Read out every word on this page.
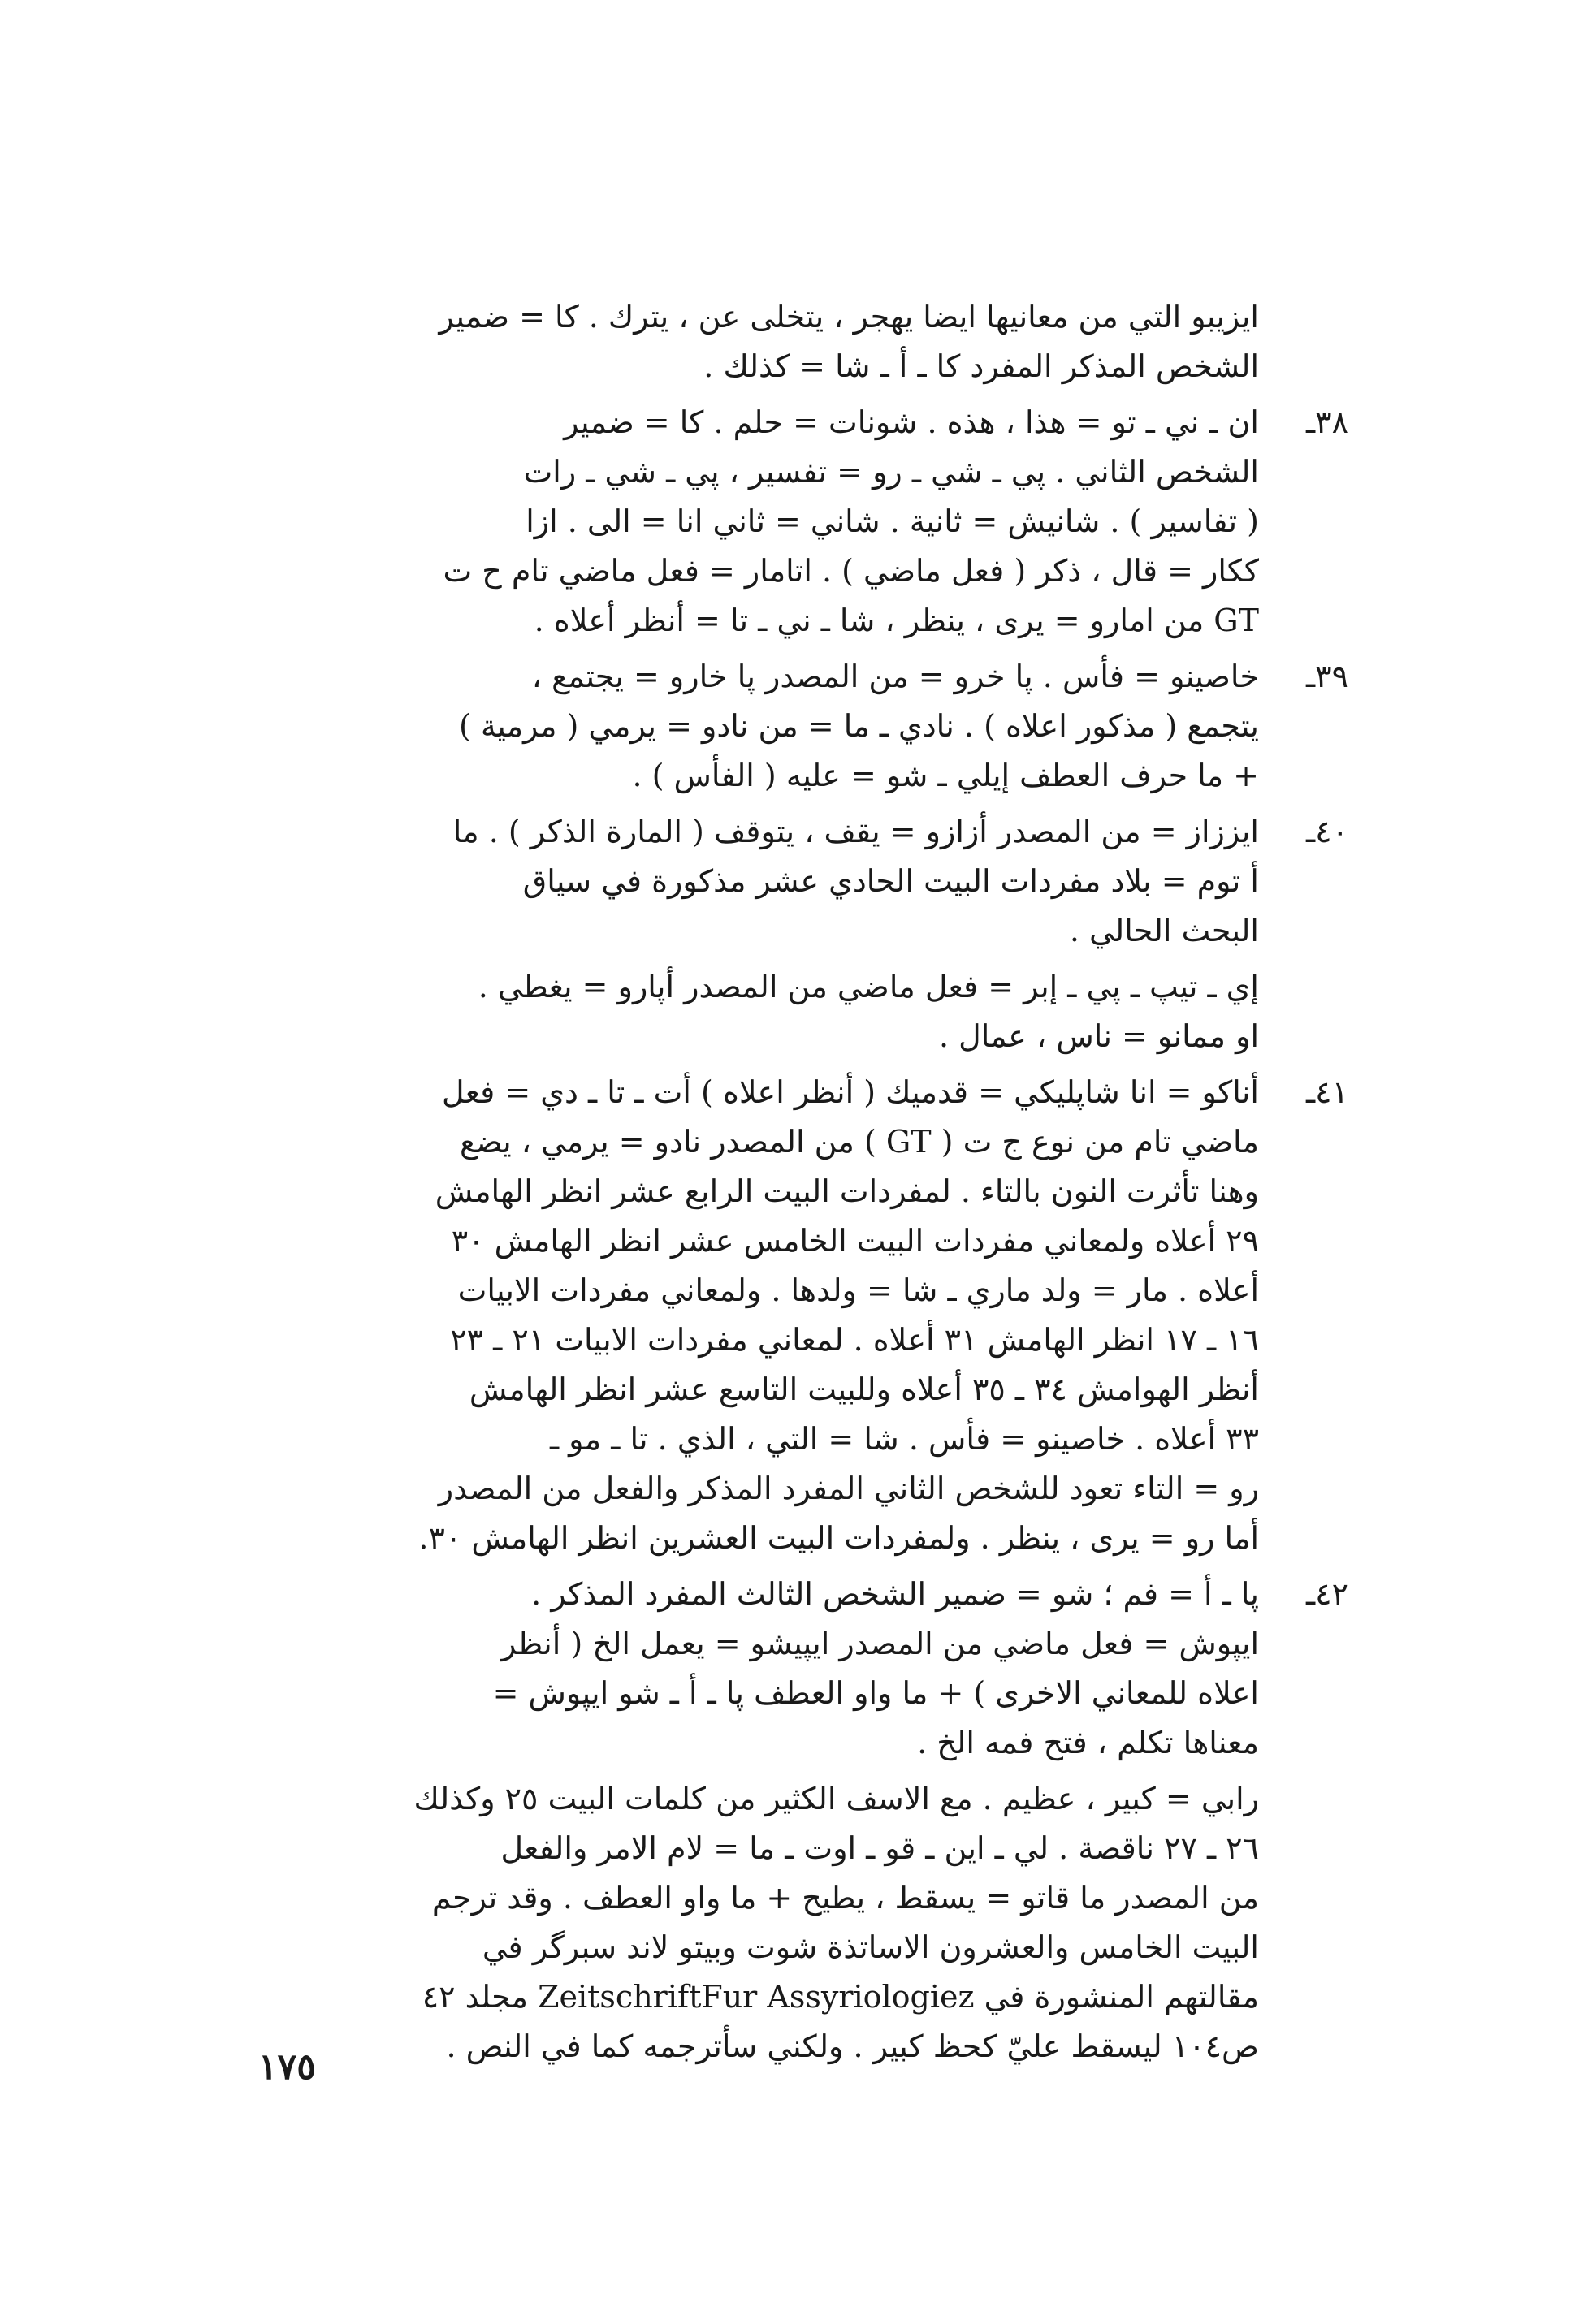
ايزيبو التي من معانيها ايضا يهجر ، يتخلى عن ، يترك . كا = ضمير
الشخص المذكر المفرد كا ـ أ ـ شا = كذلك .
٣٨ـ
ان ـ ني ـ تو = هذا ، هذه . شونات = حلم . كا = ضمير
الشخص الثاني . پي ـ شي ـ رو = تفسير ، پي ـ شي ـ رات
( تفاسير ) . شانيش = ثانية . شاني = ثاني انا = الى . ازا
ككار = قال ، ذكر ( فعل ماضي ) . اتامار = فعل ماضي تام ح ت
GT من امارو = يرى ، ينظر ، شا ـ ني ـ تا = أنظر أعلاه .
٣٩ـ
خاصينو = فأس . پا خرو = من المصدر پا خارو = يجتمع ،
يتجمع ( مذكور اعلاه ) . نادي ـ ما = من نادو = يرمي ( مرمية )
+ ما حرف العطف إيلي ـ شو = عليه ( الفأس ) .
٤٠ـ
ايززاز = من المصدر أزازو = يقف ، يتوقف ( المارة الذكر ) . ما
أ توم = بلاد مفردات البيت الحادي عشر مذكورة في سياق
البحث الحالي .
إي ـ تيپ ـ پي ـ إبر = فعل ماضي من المصدر أپارو = يغطي .
او ممانو = ناس ، عمال .
٤١ـ
أناكو = انا شاپليكي = قدميك ( أنظر اعلاه ) أت ـ تا ـ دي = فعل
ماضي تام من نوع ج ت ( GT ) من المصدر نادو = يرمي ، يضع
وهنا تأثرت النون بالتاء . لمفردات البيت الرابع عشر انظر الهامش
٢٩ أعلاه ولمعاني مفردات البيت الخامس عشر انظر الهامش ٣٠
أعلاه . مار = ولد ماري ـ شا = ولدها . ولمعاني مفردات الابيات
١٦ ـ ١٧ انظر الهامش ٣١ أعلاه . لمعاني مفردات الابيات ٢١ ـ ٢٣
أنظر الهوامش ٣٤ ـ ٣٥ أعلاه وللبيت التاسع عشر انظر الهامش
٣٣ أعلاه . خاصينو = فأس . شا = التي ، الذي . تا ـ مو ـ
رو = التاء تعود للشخص الثاني المفرد المذكر والفعل من المصدر
أما رو = يرى ، ينظر . ولمفردات البيت العشرين انظر الهامش ٣٠.
٤٢ـ
پا ـ أ = فم ؛ شو = ضمير الشخص الثالث المفرد المذكر .
ايپوش = فعل ماضي من المصدر ايپيشو = يعمل الخ ( أنظر
اعلاه للمعاني الاخرى ) + ما واو العطف پا ـ أ ـ شو ايپوش =
معناها تكلم ، فتح فمه الخ .
رابي = كبير ، عظيم . مع الاسف الكثير من كلمات البيت ٢٥ وكذلك
٢٦ ـ ٢٧ ناقصة . لي ـ اين ـ قو ـ اوت ـ ما = لام الامر والفعل
من المصدر ما قاتو = يسقط ، يطيح + ما واو العطف . وقد ترجم
البيت الخامس والعشرون الاساتذة شوت وبيتو لاند سبرگر في
مقالتهم المنشورة في ZeitschriftFur Assyriologiez مجلد ٤٢
ص١٠٤ ليسقط عليّ كحظ كبير . ولكني سأترجمه كما في النص .
١٧٥
